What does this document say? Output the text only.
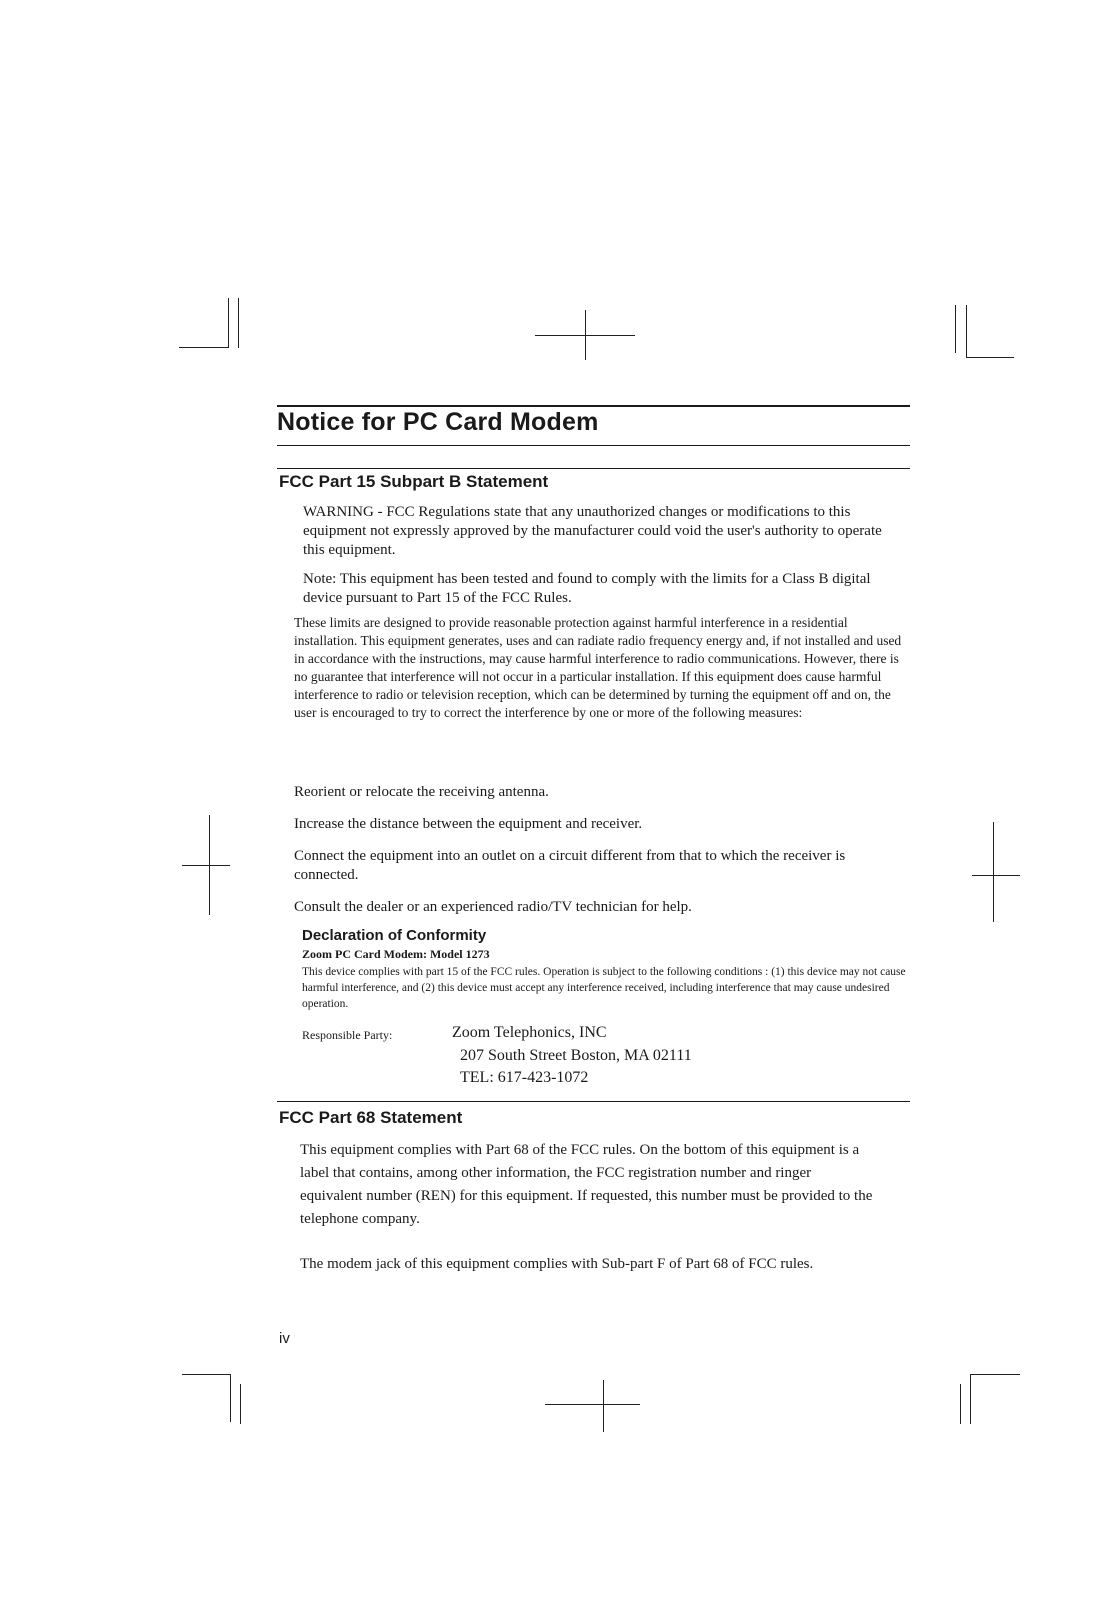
Notice for PC Card Modem
FCC Part 15 Subpart B Statement

WARNING - FCC Regulations state that any unauthorized changes or modifications to this equipment not expressly approved by the manufacturer could void the user's authority to operate this equipment.

Note: This equipment has been tested and found to comply with the limits for a Class B digital device pursuant to Part 15 of the FCC Rules.

These limits are designed to provide reasonable protection against harmful interference in a residential installation. This equipment generates, uses and can radiate radio frequency energy and, if not installed and used in accordance with the instructions, may cause harmful interference to radio communications. However, there is no guarantee that interference will not occur in a particular installation. If this equipment does cause harmful interference to radio or television reception, which can be determined by turning the equipment off and on, the user is encouraged to try to correct the interference by one or more of the following measures:

Reorient or relocate the receiving antenna.

Increase the distance between the equipment and receiver.

Connect the equipment into an outlet on a circuit different from that to which the receiver is connected.

Consult the dealer or an experienced radio/TV technician for help.

Declaration of Conformity
Zoom PC Card Modem: Model 1273

This device complies with part 15 of the FCC rules. Operation is subject to the following conditions : (1) this device may not cause harmful interference, and (2) this device must accept any interference received, including interference that may cause undesired operation.

Responsible Party:	Zoom Telephonics, INC
207 South Street Boston, MA 02111
TEL: 617-423-1072
FCC Part 68 Statement

This equipment complies with Part 68 of the FCC rules. On the bottom of this equipment is a label that contains, among other information, the FCC registration number and ringer equivalent number (REN) for this equipment. If requested, this number must be provided to the telephone company.

The modem jack of this equipment complies with Sub-part F of Part 68 of FCC rules.

iv
